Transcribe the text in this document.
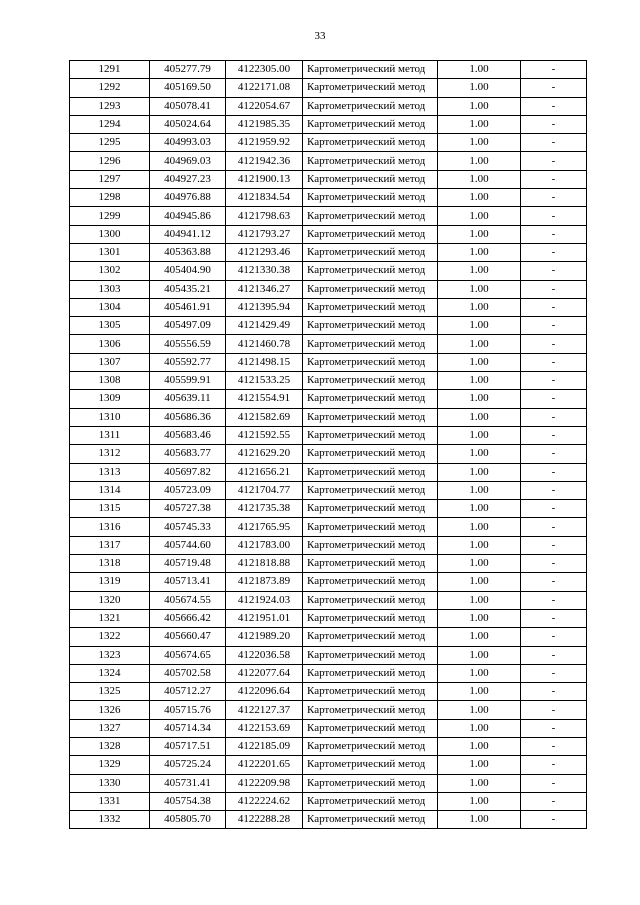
33
1291	405277.79	4122305.00	Картометрический метод	1.00	-
1292	405169.50	4122171.08	Картометрический метод	1.00	-
1293	405078.41	4122054.67	Картометрический метод	1.00	-
1294	405024.64	4121985.35	Картометрический метод	1.00	-
1295	404993.03	4121959.92	Картометрический метод	1.00	-
1296	404969.03	4121942.36	Картометрический метод	1.00	-
1297	404927.23	4121900.13	Картометрический метод	1.00	-
1298	404976.88	4121834.54	Картометрический метод	1.00	-
1299	404945.86	4121798.63	Картометрический метод	1.00	-
1300	404941.12	4121793.27	Картометрический метод	1.00	-
1301	405363.88	4121293.46	Картометрический метод	1.00	-
1302	405404.90	4121330.38	Картометрический метод	1.00	-
1303	405435.21	4121346.27	Картометрический метод	1.00	-
1304	405461.91	4121395.94	Картометрический метод	1.00	-
1305	405497.09	4121429.49	Картометрический метод	1.00	-
1306	405556.59	4121460.78	Картометрический метод	1.00	-
1307	405592.77	4121498.15	Картометрический метод	1.00	-
1308	405599.91	4121533.25	Картометрический метод	1.00	-
1309	405639.11	4121554.91	Картометрический метод	1.00	-
1310	405686.36	4121582.69	Картометрический метод	1.00	-
1311	405683.46	4121592.55	Картометрический метод	1.00	-
1312	405683.77	4121629.20	Картометрический метод	1.00	-
1313	405697.82	4121656.21	Картометрический метод	1.00	-
1314	405723.09	4121704.77	Картометрический метод	1.00	-
1315	405727.38	4121735.38	Картометрический метод	1.00	-
1316	405745.33	4121765.95	Картометрический метод	1.00	-
1317	405744.60	4121783.00	Картометрический метод	1.00	-
1318	405719.48	4121818.88	Картометрический метод	1.00	-
1319	405713.41	4121873.89	Картометрический метод	1.00	-
1320	405674.55	4121924.03	Картометрический метод	1.00	-
1321	405666.42	4121951.01	Картометрический метод	1.00	-
1322	405660.47	4121989.20	Картометрический метод	1.00	-
1323	405674.65	4122036.58	Картометрический метод	1.00	-
1324	405702.58	4122077.64	Картометрический метод	1.00	-
1325	405712.27	4122096.64	Картометрический метод	1.00	-
1326	405715.76	4122127.37	Картометрический метод	1.00	-
1327	405714.34	4122153.69	Картометрический метод	1.00	-
1328	405717.51	4122185.09	Картометрический метод	1.00	-
1329	405725.24	4122201.65	Картометрический метод	1.00	-
1330	405731.41	4122209.98	Картометрический метод	1.00	-
1331	405754.38	4122224.62	Картометрический метод	1.00	-
1332	405805.70	4122288.28	Картометрический метод	1.00	-
